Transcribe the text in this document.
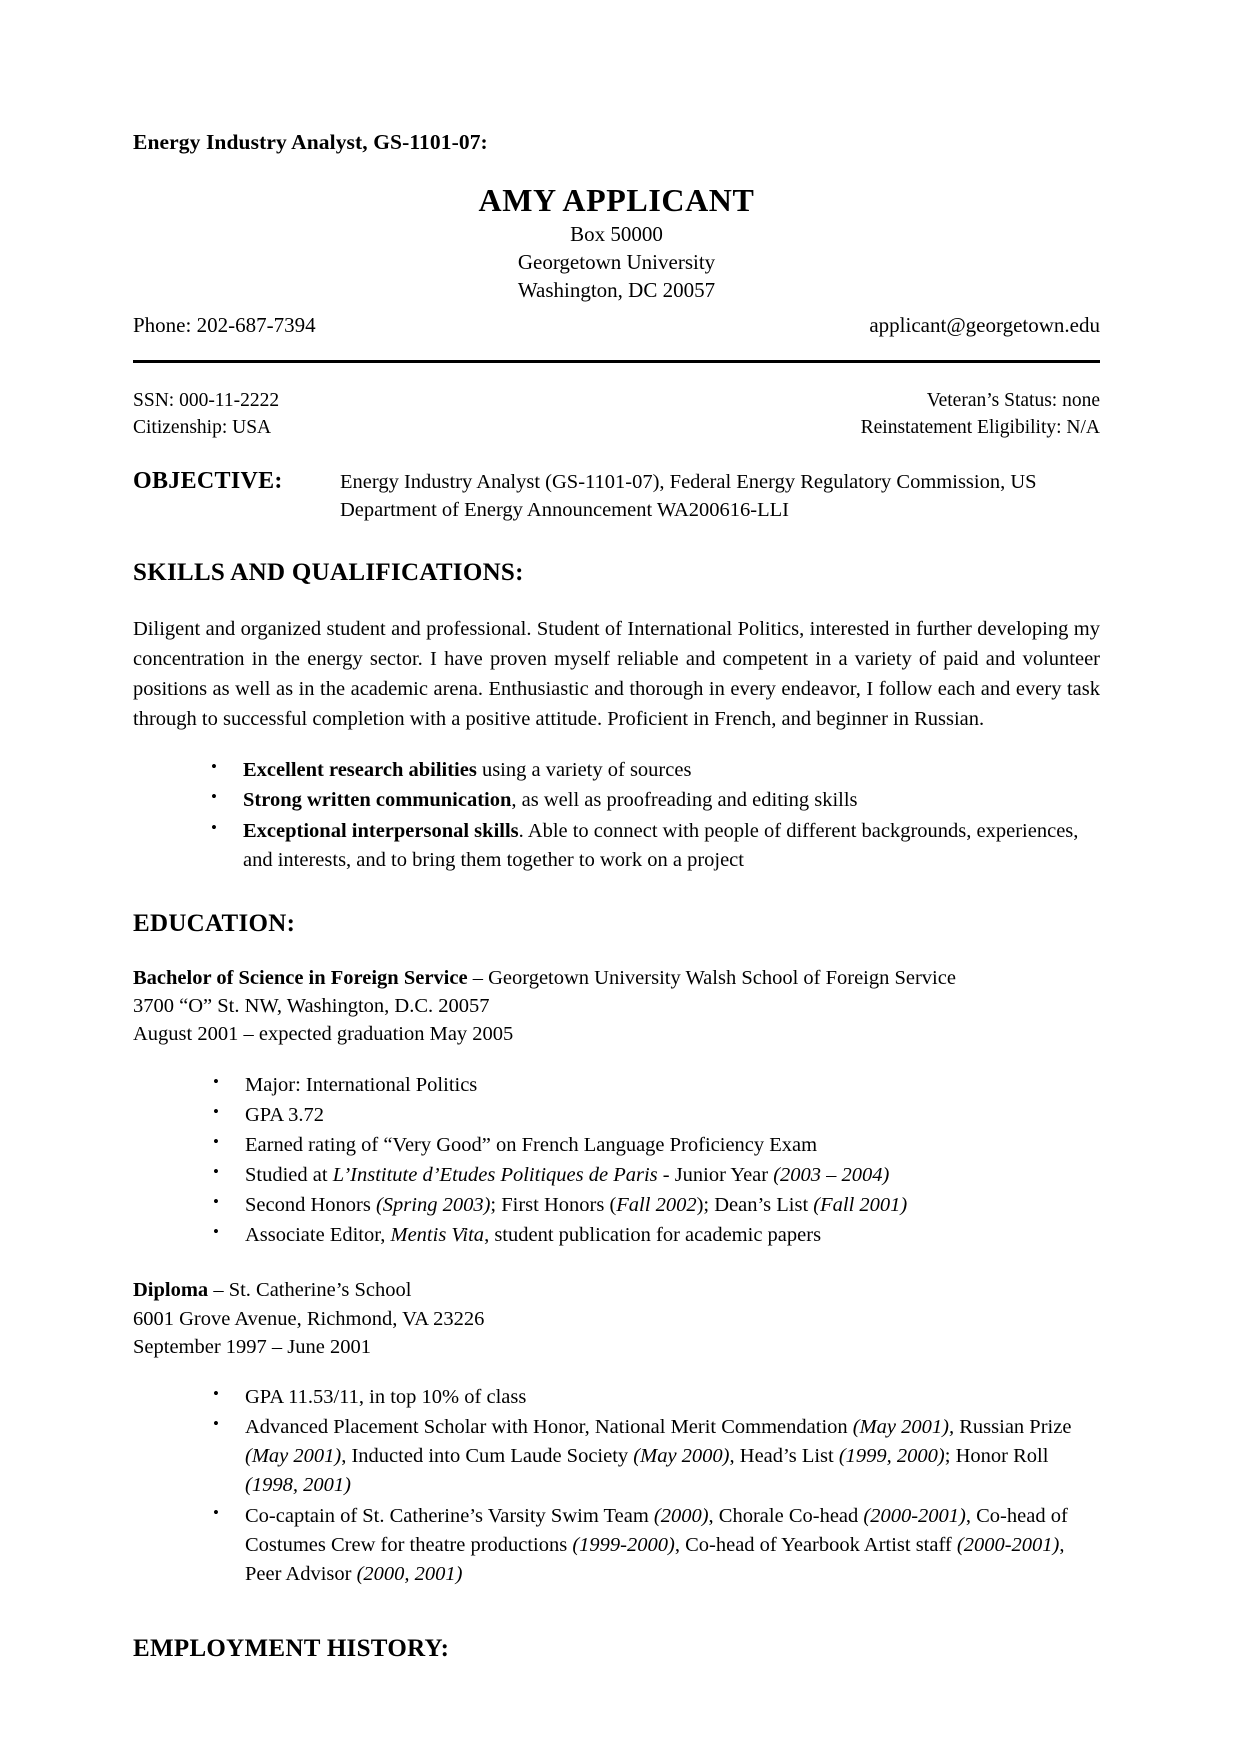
Energy Industry Analyst, GS-1101-07:
AMY APPLICANT
Box 50000
Georgetown University
Washington, DC 20057
Phone: 202-687-7394	applicant@georgetown.edu
SSN: 000-11-2222
Citizenship: USA
Veteran’s Status: none
Reinstatement Eligibility: N/A
OBJECTIVE:	Energy Industry Analyst (GS-1101-07), Federal Energy Regulatory Commission, US Department of Energy Announcement WA200616-LLI
SKILLS AND QUALIFICATIONS:
Diligent and organized student and professional. Student of International Politics, interested in further developing my concentration in the energy sector. I have proven myself reliable and competent in a variety of paid and volunteer positions as well as in the academic arena. Enthusiastic and thorough in every endeavor, I follow each and every task through to successful completion with a positive attitude. Proficient in French, and beginner in Russian.
• Excellent research abilities using a variety of sources
• Strong written communication, as well as proofreading and editing skills
• Exceptional interpersonal skills. Able to connect with people of different backgrounds, experiences, and interests, and to bring them together to work on a project
EDUCATION:
Bachelor of Science in Foreign Service – Georgetown University Walsh School of Foreign Service
3700 “O” St. NW, Washington, D.C. 20057
August 2001 – expected graduation May 2005
• Major: International Politics
• GPA 3.72
• Earned rating of “Very Good” on French Language Proficiency Exam
• Studied at L’Institute d’Etudes Politiques de Paris - Junior Year (2003 – 2004)
• Second Honors (Spring 2003); First Honors (Fall 2002); Dean’s List (Fall 2001)
• Associate Editor, Mentis Vita, student publication for academic papers
Diploma – St. Catherine’s School
6001 Grove Avenue, Richmond, VA 23226
September 1997 – June 2001
• GPA 11.53/11, in top 10% of class
• Advanced Placement Scholar with Honor, National Merit Commendation (May 2001), Russian Prize (May 2001), Inducted into Cum Laude Society (May 2000), Head’s List (1999, 2000); Honor Roll (1998, 2001)
• Co-captain of St. Catherine’s Varsity Swim Team (2000), Chorale Co-head (2000-2001), Co-head of Costumes Crew for theatre productions (1999-2000), Co-head of Yearbook Artist staff (2000-2001), Peer Advisor (2000, 2001)
EMPLOYMENT HISTORY:
